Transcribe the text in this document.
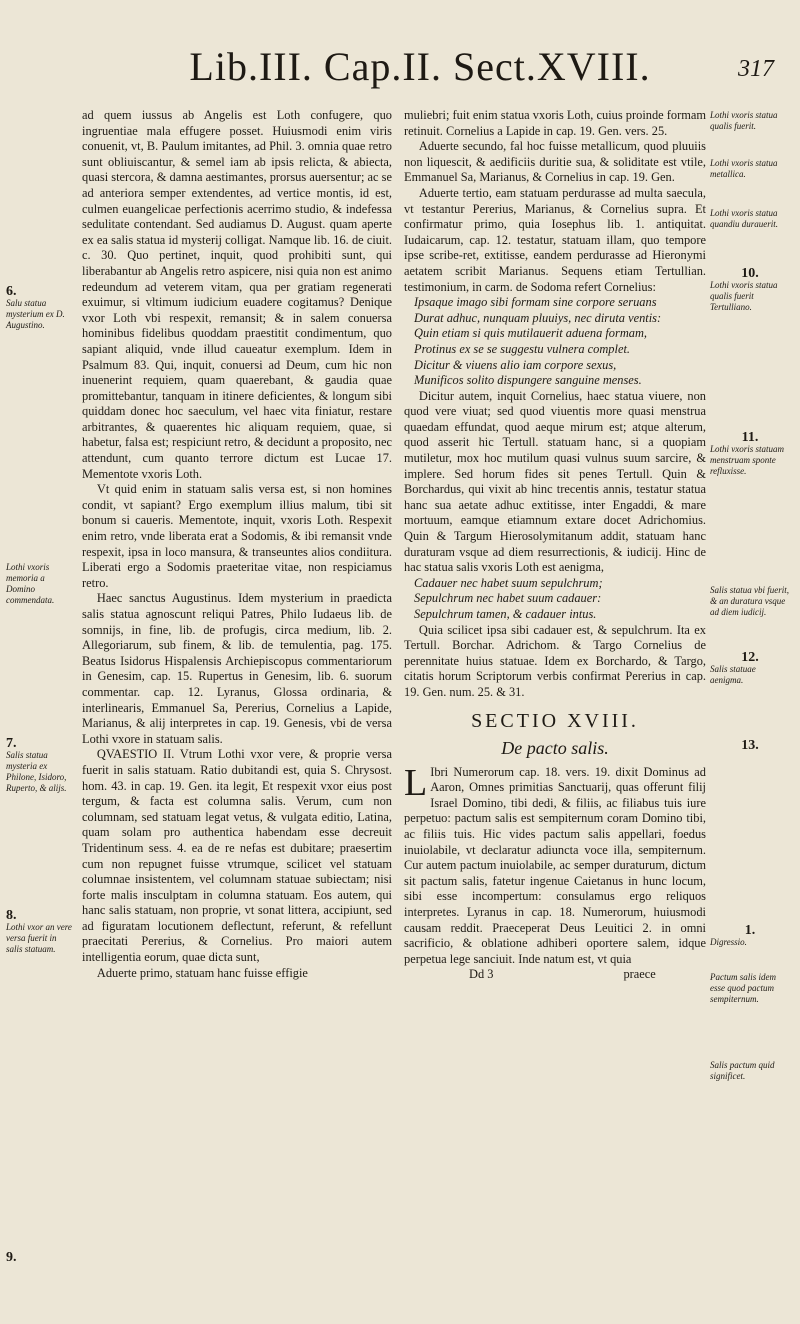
Lib.III. Cap.II. Sect.XVIII.	317
6.
Salu statua mysterium ex D. Augustino.
Lothi vxoris memoria a Domino commendata.
7.
Salis statua mysteria ex Philone, Isidoro, Ruperto, & alijs.
8.
Lothi vxor an vere versa fuerit in salis statuam.
9.
Lothi vxoris statua qualis fuerit.
Lothi vxoris statua metallica.
Lothi vxoris statua quandiu durauerit.
10.
Lothi vxoris statua qualis fuerit Tertulliano.
11.
Lothi vxoris statuam menstruam sponte refluxisse.
Salis statua vbi fuerit, & an duratura vsque ad diem iudicij.
12.
Salis statuae aenigma.
13.
1.
Digressio.
Pactum salis idem esse quod pactum sempiternum.
Salis pactum quid significet.

ad quem iussus ab Angelis est Loth confugere, quo ingruentiae mala effugere posset. Huiusmodi enim viris conuenit, vt, B. Paulum imitantes, ad Phil. 3. omnia quae retro sunt obliuiscantur, & semel iam ab ipsis relicta, & abiecta, quasi stercora, & damna aestimantes, prorsus auersentur; ac se ad anteriora semper extendentes, ad vertice montis, id est, culmen euangelicae perfectionis acerrimo studio, & indefessa sedulitate contendant. Sed audiamus D. August. quam aperte ex ea salis statua id mysterij colligat. Namque lib. 16. de ciuit. c. 30. Quo pertinet, inquit, quod prohibiti sunt, qui liberabantur ab Angelis retro aspicere, nisi quia non est animo redeundum ad veterem vitam, qua per gratiam regenerati exuimur, si vltimum iudicium euadere cogitamus? Denique vxor Loth vbi respexit, remansit; & in salem conuersa hominibus fidelibus quoddam praestitit condimentum, quo sapiant aliquid, vnde illud caueatur exemplum. Idem in Psalmum 83. Qui, inquit, conuersi ad Deum, cum hic non inuenerint requiem, quam quaerebant, & gaudia quae promittebantur, tanquam in itinere deficientes, & longum sibi quiddam donec hoc saeculum, vel haec vita finiatur, restare arbitrantes, & quaerentes hic aliquam requiem, quae, si habetur, falsa est; respiciunt retro, & decidunt a proposito, nec attendunt, cum quanto terrore dictum est Lucae 17. Mementote vxoris Loth.

Vt quid enim in statuam salis versa est, si non homines condit, vt sapiant? Ergo exemplum illius malum, tibi sit bonum si caueris. Mementote, inquit, vxoris Loth. Respexit enim retro, vnde liberata erat a Sodomis, & ibi remansit vnde respexit, ipsa in loco mansura, & transeuntes alios condiitura. Liberati ergo a Sodomis praeteritae vitae, non respiciamus retro.

Haec sanctus Augustinus. Idem mysterium in praedicta salis statua agnoscunt reliqui Patres, Philo Iudaeus lib. de somnijs, in fine, lib. de profugis, circa medium, lib. 2. Allegoriarum, sub finem, & lib. de temulentia, pag. 175. Beatus Isidorus Hispalensis Archiepiscopus commentariorum in Genesim, cap. 15. Rupertus in Genesim, lib. 6. suorum commentar. cap. 12. Lyranus, Glossa ordinaria, & interlinearis, Emmanuel Sa, Pererius, Cornelius a Lapide, Marianus, & alij interpretes in cap. 19. Genesis, vbi de versa Lothi vxore in statuam salis.

QVAESTIO II. Vtrum Lothi vxor vere, & proprie versa fuerit in salis statuam. Ratio dubitandi est, quia S. Chrysost. hom. 43. in cap. 19. Gen. ita legit, Et respexit vxor eius post tergum, & facta est columna salis. Verum, cum non columnam, sed statuam legat vetus, & vulgata editio, Latina, quam solam pro authentica habendam esse decreuit Tridentinum sess. 4. ea de re nefas est dubitare; praesertim cum non repugnet fuisse vtrumque, scilicet vel statuam columnae insistentem, vel columnam statuae subiectam; nisi forte malis insculptam in columna statuam. Eos autem, qui hanc salis statuam, non proprie, vt sonat littera, accipiunt, sed ad figuratam locutionem deflectunt, referunt, & refellunt praecitati Pererius, & Cornelius. Pro maiori autem intelligentia eorum, quae dicta sunt,

Aduerte primo, statuam hanc fuisse effigie

muliebri; fuit enim statua vxoris Loth, cuius proinde formam retinuit. Cornelius a Lapide in cap. 19. Gen. vers. 25.

Aduerte secundo, fal hoc fuisse metallicum, quod pluuiis non liquescit, & aedificiis duritie sua, & soliditate est vtile, Emmanuel Sa, Marianus, & Cornelius in cap. 19. Gen.

Aduerte tertio, eam statuam perdurasse ad multa saecula, vt testantur Pererius, Marianus, & Cornelius supra. Et confirmatur primo, quia Iosephus lib. 1. antiquitat. Iudaicarum, cap. 12. testatur, statuam illam, quo tempore ipse scribe-ret, extitisse, eandem perdurasse ad Hieronymi aetatem scribit Marianus. Sequens etiam Tertullian. testimonium, in carm. de Sodoma refert Cornelius:

Ipsaque imago sibi formam sine corpore seruans

Durat adhuc, nunquam pluuiys, nec diruta ventis:

Quin etiam si quis mutilauerit aduena formam,

Protinus ex se se suggestu vulnera complet.

Dicitur & viuens alio iam corpore sexus,

Munificos solito dispungere sanguine menses.

Dicitur autem, inquit Cornelius, haec statua viuere, non quod vere viuat; sed quod viuentis more quasi menstrua quaedam effundat, quod aeque mirum est; atque alterum, quod asserit hic Tertull. statuam hanc, si a quopiam mutiletur, mox hoc mutilum quasi vulnus suum sarcire, & implere. Sed horum fides sit penes Tertull. Quin & Borchardus, qui vixit ab hinc trecentis annis, testatur statua hanc sua aetate adhuc extitisse, inter Engaddi, & mare mortuum, eamque etiamnum extare docet Adrichomius. Quin & Targum Hierosolymitanum addit, statuam hanc duraturam vsque ad diem resurrectionis, & iudicij. Hinc de hac statua salis vxoris Loth est aenigma,

Cadauer nec habet suum sepulchrum;

Sepulchrum nec habet suum cadauer:

Sepulchrum tamen, & cadauer intus.

Quia scilicet ipsa sibi cadauer est, & sepulchrum. Ita ex Tertull. Borchar. Adrichom. & Targo Cornelius de perennitate huius statuae. Idem ex Borchardo, & Targo, citatis horum Scriptorum verbis confirmat Pererius in cap. 19. Gen. num. 25. & 31.

SECTIO XVIII.

De pacto salis.

L Ibri Numerorum cap. 18. vers. 19. dixit Dominus ad Aaron, Omnes primitias Sanctuarij, quas offerunt filij Israel Domino, tibi dedi, & filiis, ac filiabus tuis iure perpetuo: pactum salis est sempiternum coram Domino tibi, ac filiis tuis. Hic vides pactum salis appellari, foedus inuiolabile, vt declaratur adiuncta voce illa, sempiternum. Cur autem pactum inuiolabile, ac semper duraturum, dictum sit pactum salis, fatetur ingenue Caietanus in hunc locum, sibi esse incompertum: consulamus ergo reliquos interpretes. Lyranus in cap. 18. Numerorum, huiusmodi causam reddit. Praeceperat Deus Leuitici 2. in omni sacrificio, & oblatione adhiberi oportere salem, idque perpetua lege sanciuit. Inde natum est, vt quia

Dd 3	praece
